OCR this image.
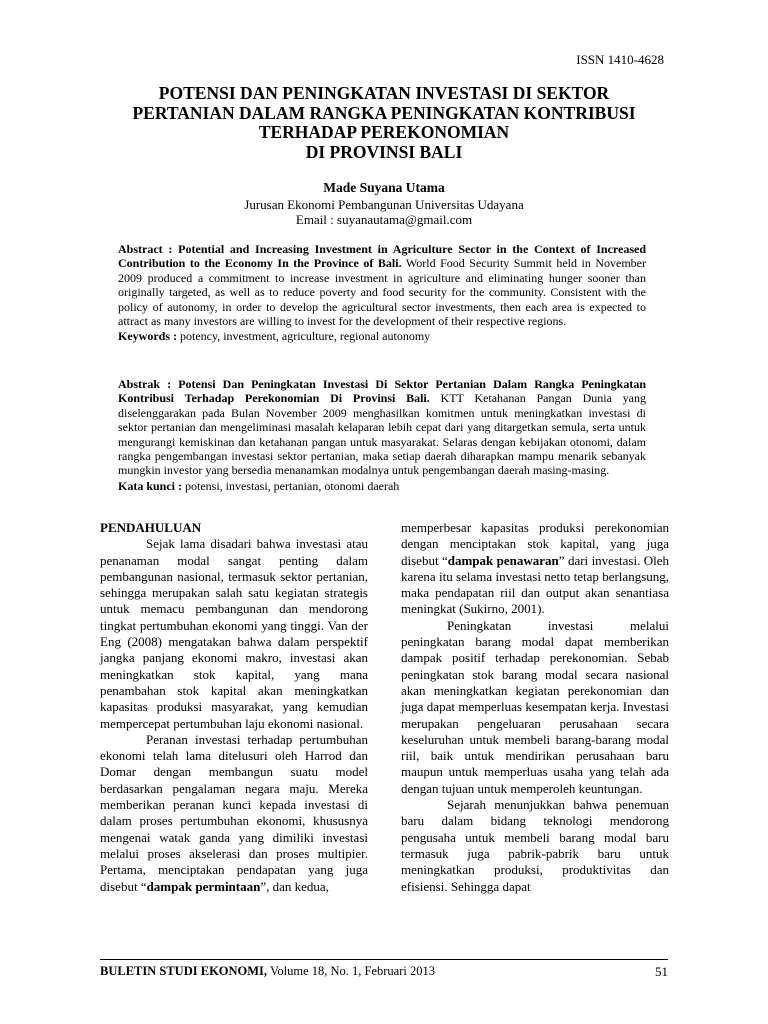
ISSN 1410-4628
POTENSI DAN PENINGKATAN INVESTASI DI SEKTOR
PERTANIAN DALAM RANGKA PENINGKATAN KONTRIBUSI
TERHADAP PEREKONOMIAN
DI PROVINSI BALI
Made Suyana Utama
Jurusan Ekonomi Pembangunan Universitas Udayana
Email : suyanautama@gmail.com

Abstract : Potential and Increasing Investment in Agriculture Sector in the Context of Increased Contribution to the Economy In the Province of Bali. World Food Security Summit held in November 2009 produced a commitment to increase investment in agriculture and eliminating hunger sooner than originally targeted, as well as to reduce poverty and food security for the community. Consistent with the policy of autonomy, in order to develop the agricultural sector investments, then each area is expected to attract as many investors are willing to invest for the development of their respective regions.

Keywords : potency, investment, agriculture, regional autonomy

Abstrak : Potensi Dan Peningkatan Investasi Di Sektor Pertanian Dalam Rangka Peningkatan Kontribusi Terhadap Perekonomian Di Provinsi Bali. KTT Ketahanan Pangan Dunia yang diselenggarakan pada Bulan November 2009 menghasilkan komitmen untuk meningkatkan investasi di sektor pertanian dan mengeliminasi masalah kelaparan lebih cepat dari yang ditargetkan semula, serta untuk mengurangi kemiskinan dan ketahanan pangan untuk masyarakat. Selaras dengan kebijakan otonomi, dalam rangka pengembangan investasi sektor pertanian, maka setiap daerah diharapkan mampu menarik sebanyak mungkin investor yang bersedia menanamkan modalnya untuk pengembangan daerah masing-masing.

Kata kunci : potensi, investasi, pertanian, otonomi daerah

PENDAHULUAN

Sejak lama disadari bahwa investasi atau penanaman modal sangat penting dalam pembangunan nasional, termasuk sektor pertanian, sehingga merupakan salah satu kegiatan strategis untuk memacu pembangunan dan mendorong tingkat pertumbuhan ekonomi yang tinggi. Van der Eng (2008) mengatakan bahwa dalam perspektif jangka panjang ekonomi makro, investasi akan meningkatkan stok kapital, yang mana penambahan stok kapital akan meningkatkan kapasitas produksi masyarakat, yang kemudian mempercepat pertumbuhan laju ekonomi nasional.

Peranan investasi terhadap pertumbuhan ekonomi telah lama ditelusuri oleh Harrod dan Domar dengan membangun suatu model berdasarkan pengalaman negara maju. Mereka memberikan peranan kunci kepada investasi di dalam proses pertumbuhan ekonomi, khususnya mengenai watak ganda yang dimiliki investasi melalui proses akselerasi dan proses multipier. Pertama, menciptakan pendapatan yang juga disebut “dampak permintaan”, dan kedua,

memperbesar kapasitas produksi perekonomian dengan menciptakan stok kapital, yang juga disebut “dampak penawaran” dari investasi. Oleh karena itu selama investasi netto tetap berlangsung, maka pendapatan riil dan output akan senantiasa meningkat (Sukirno, 2001).

Peningkatan investasi melalui peningkatan barang modal dapat memberikan dampak positif terhadap perekonomian. Sebab peningkatan stok barang modal secara nasional akan meningkatkan kegiatan perekonomian dan juga dapat memperluas kesempatan kerja. Investasi merupakan pengeluaran perusahaan secara keseluruhan untuk membeli barang-barang modal riil, baik untuk mendirikan perusahaan baru maupun untuk memperluas usaha yang telah ada dengan tujuan untuk memperoleh keuntungan.

Sejarah menunjukkan bahwa penemuan baru dalam bidang teknologi mendorong pengusaha untuk membeli barang modal baru termasuk juga pabrik-pabrik baru untuk meningkatkan produksi, produktivitas dan efisiensi. Sehingga dapat

BULETIN STUDI EKONOMI, Volume 18, No. 1, Februari 2013	51
